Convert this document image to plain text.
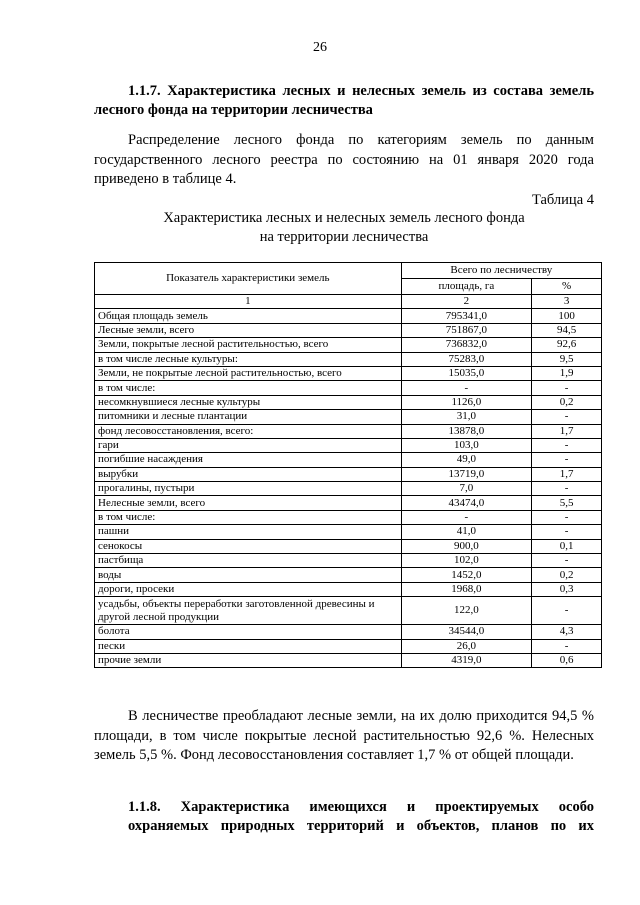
26
1.1.7. Характеристика лесных и нелесных земель из состава земель
лесного фонда на территории лесничества
Распределение лесного фонда по категориям земель по данным государственного лесного реестра по состоянию на 01 января 2020 года приведено в таблице 4.
Таблица 4
Характеристика лесных и нелесных земель лесного фонда
на территории лесничества
Показатель характеристики земель	Всего по лесничеству	
	площадь, га	%
1	2	3
Общая площадь земель	795341,0	100
Лесные земли, всего	751867,0	94,5
Земли, покрытые лесной растительностью, всего	736832,0	92,6
в том числе лесные культуры:	75283,0	9,5
Земли, не покрытые лесной растительностью, всего	15035,0	1,9
в том числе:	-	-
несомкнувшиеся лесные культуры	1126,0	0,2
питомники и лесные плантации	31,0	-
фонд лесовосстановления, всего:	13878,0	1,7
гари	103,0	-
погибшие насаждения	49,0	-
вырубки	13719,0	1,7
прогалины, пустыри	7,0	-
Нелесные земли, всего	43474,0	5,5
в том числе:	-	-
пашни	41,0	-
сенокосы	900,0	0,1
пастбища	102,0	-
воды	1452,0	0,2
дороги, просеки	1968,0	0,3
усадьбы, объекты переработки заготовленной древесины и другой лесной продукции	122,0	-
болота	34544,0	4,3
пески	26,0	-
прочие земли	4319,0	0,6
В лесничестве преобладают лесные земли, на их долю приходится 94,5 % площади, в том числе покрытые лесной растительностью 92,6 %. Нелесных земель 5,5 %. Фонд лесовосстановления составляет 1,7 % от общей площади.
1.1.8. Характеристика имеющихся и проектируемых особо
охраняемых природных территорий и объектов, планов по их
